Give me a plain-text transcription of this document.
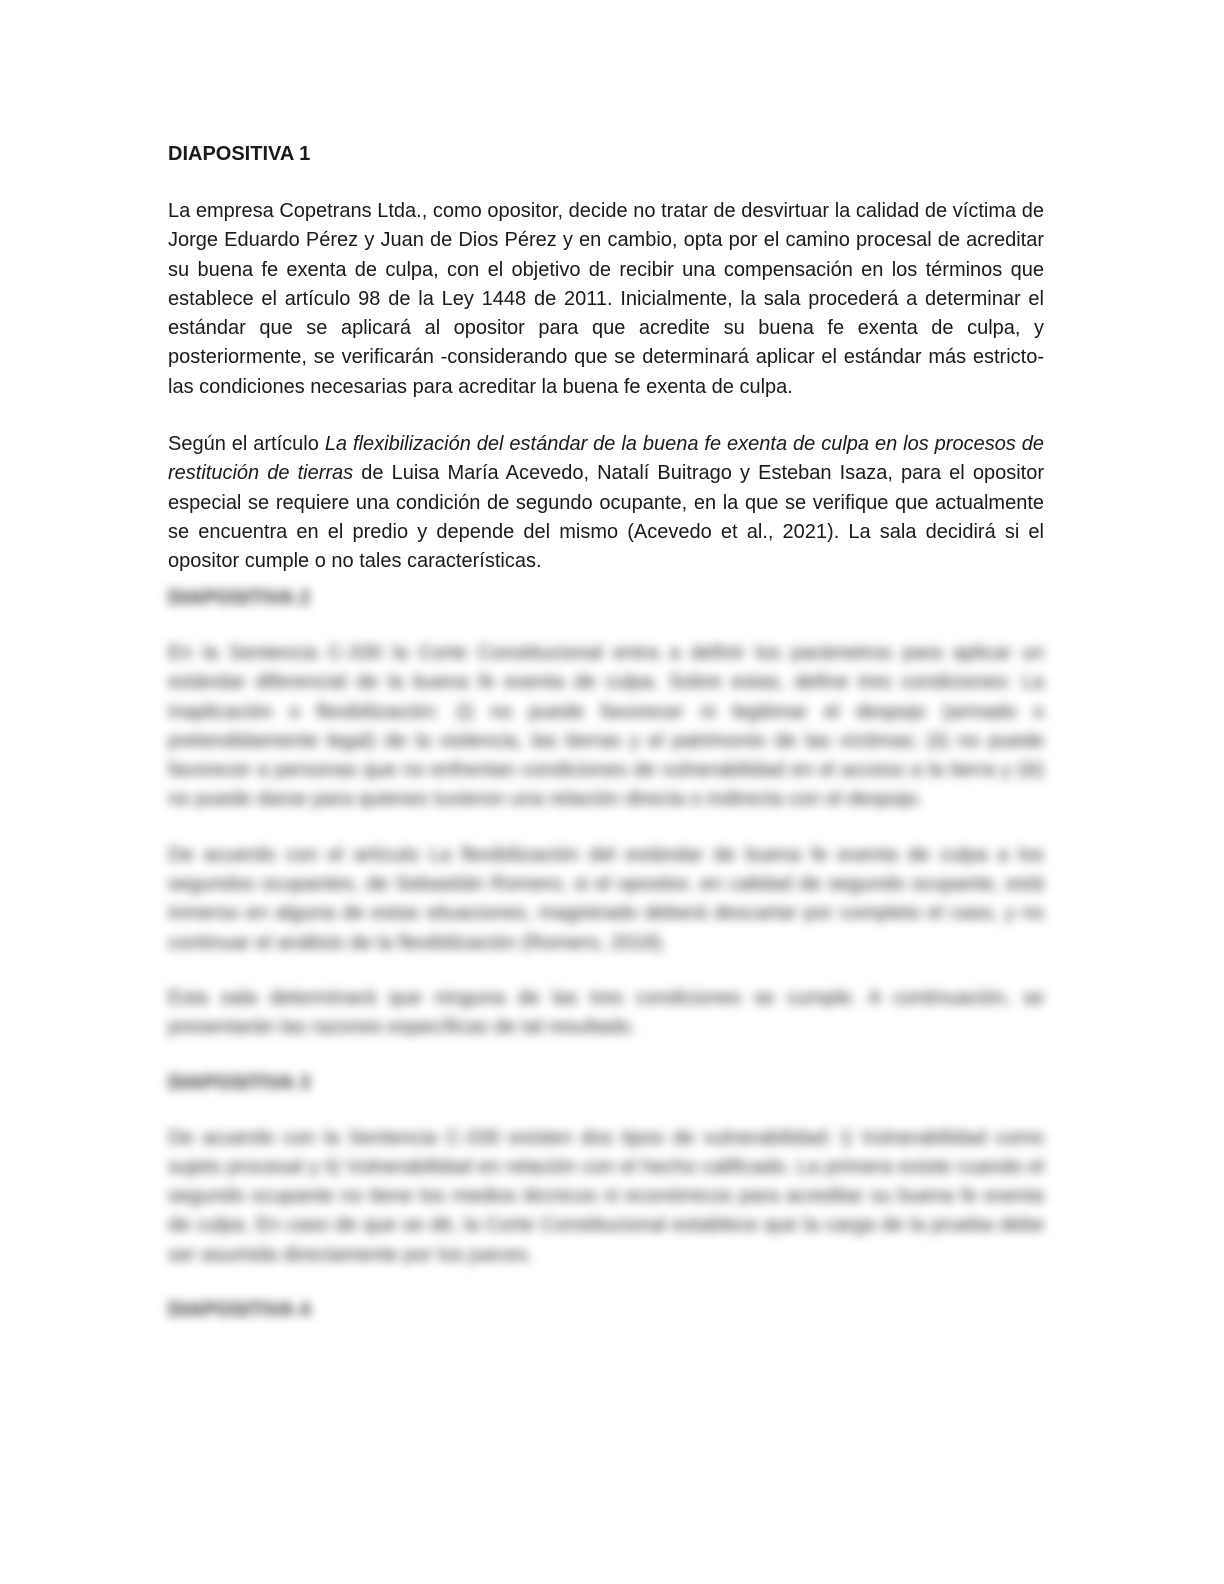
DIAPOSITIVA 1

La empresa Copetrans Ltda., como opositor, decide no tratar de desvirtuar la calidad de víctima de Jorge Eduardo Pérez y Juan de Dios Pérez y en cambio, opta por el camino procesal de acreditar su buena fe exenta de culpa, con el objetivo de recibir una compensación en los términos que establece el artículo 98 de la Ley 1448 de 2011. Inicialmente, la sala procederá a determinar el estándar que se aplicará al opositor para que acredite su buena fe exenta de culpa, y posteriormente, se verificarán -considerando que se determinará aplicar el estándar más estricto- las condiciones necesarias para acreditar la buena fe exenta de culpa.

Según el artículo La flexibilización del estándar de la buena fe exenta de culpa en los procesos de restitución de tierras de Luisa María Acevedo, Natalí Buitrago y Esteban Isaza, para el opositor especial se requiere una condición de segundo ocupante, en la que se verifique que actualmente se encuentra en el predio y depende del mismo (Acevedo et al., 2021). La sala decidirá si el opositor cumple o no tales características.

DIAPOSITIVA 2

En la Sentencia C-330 la Corte Constitucional entra a definir los parámetros para aplicar un estándar diferencial de la buena fe exenta de culpa. Sobre estas, define tres condiciones: La inaplicación o flexibilización: (i) no puede favorecer ni legitimar el despojo (armado o pretendidamente legal) de la violencia, las tierras y el patrimonio de las víctimas; (ii) no puede favorecer a personas que no enfrentan condiciones de vulnerabilidad en el acceso a la tierra y (iii) no puede darse para quienes tuvieron una relación directa o indirecta con el despojo.

De acuerdo con el artículo La flexibilización del estándar de buena fe exenta de culpa a los segundos ocupantes, de Sebastián Romero, si el opositor, en calidad de segundo ocupante, está inmerso en alguna de estas situaciones, magistrado deberá descartar por completo el caso, y no continuar el análisis de la flexibilización (Romero, 2018).

Esta sala determinará que ninguna de las tres condiciones se cumple. A continuación, se presentarán las razones específicas de tal resultado.

DIAPOSITIVA 3

De acuerdo con la Sentencia C-330 existen dos tipos de vulnerabilidad: i) Vulnerabilidad como sujeto procesal y ii) Vulnerabilidad en relación con el hecho calificado. La primera existe cuando el segundo ocupante no tiene los medios técnicos ni económicos para acreditar su buena fe exenta de culpa. En caso de que se dé, la Corte Constitucional establece que la carga de la prueba debe ser asumida directamente por los jueces.

DIAPOSITIVA 4
